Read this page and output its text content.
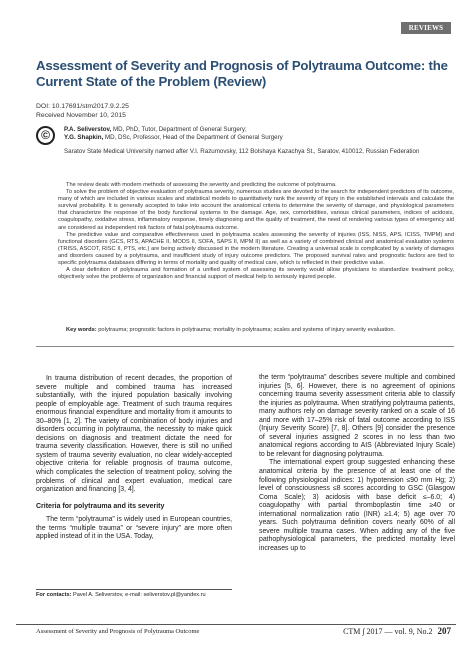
REVIEWS
Assessment of Severity and Prognosis of Polytrauma Outcome: the Current State of the Problem (Review)
DOI: 10.17691/stm2017.9.2.25
Received November 10, 2015
©	P.A. Seliverstov, MD, PhD, Tutor, Department of General Surgery;
Y.G. Shapkin, MD, DSc, Professor, Head of the Department of General Surgery
Saratov State Medical University named after V.I. Razumovsky, 112 Bolshaya Kazachya St., Saratov, 410012, Russian Federation

The review deals with modern methods of assessing the severity and predicting the outcome of polytrauma.

To solve the problem of objective evaluation of polytrauma severity, numerous studies are devoted to the search for independent predictors of its outcome, many of which are included in various scales and statistical models to quantitatively rank the severity of injury in the established intervals and calculate the survival probability. It is generally accepted to take into account the anatomical criteria to determine the severity of damage, and physiological parameters that characterize the response of the body functional systems to the damage. Age, sex, comorbidities, various clinical parameters, indices of acidosis, coagulopathy, oxidative stress, inflammatory response, timely diagnosing and the quality of treatment, the need of rendering various types of emergency aid are considered as independent risk factors of fatal polytrauma outcome.

The predictive value and comparative effectiveness used in polytrauma scales assessing the severity of injuries (ISS, NISS, APS, ICISS, TMPM) and functional disorders (GCS, RTS, APACHE II, MODS II, SOFA, SAPS II, MPM II) as well as a variety of combined clinical and anatomical evaluation systems (TRISS, ASCOT, RISC II, PTS, etc.) are being actively discussed in the modern literature. Creating a universal scale is complicated by a variety of damages and disorders caused by a polytrauma, and insufficient study of injury outcome predictors. The proposed survival rates and prognostic factors are tied to specific polytrauma databases differing in terms of mortality and quality of medical care, which is reflected in their predictive value.

A clear definition of polytrauma and formation of a unified system of assessing its severity would allow physicians to standardize treatment policy, objectively solve the problems of organization and financial support of medical help to seriously injured people.

Key words: polytrauma; prognostic factors in polytrauma; mortality in polytrauma; scales and systems of injury severity evaluation.

In trauma distribution of recent decades, the proportion of severe multiple and combined trauma has increased substantially, with the injured population basically involving people of employable age. Treatment of such trauma requires enormous financial expenditure and mortality from it amounts to 30–80% [1, 2]. The variety of combination of body injuries and disorders occurring in polytrauma, the necessity to make quick decisions on diagnosis and treatment dictate the need for trauma severity classification. However, there is still no unified system of trauma severity evaluation, no clear widely-accepted objective criteria for reliable prognosis of trauma outcome, which complicates the selection of treatment policy, solving the problems of clinical and expert evaluation, medical care organization and financing [3, 4].

Criteria for polytrauma and its severity

The term “polytrauma” is widely used in European countries, the terms “multiple trauma” or “severe injury” are more often applied instead of it in the USA. Today,

the term “polytrauma” describes severe multiple and combined injuries [5, 6]. However, there is no agreement of opinions concerning trauma severity assessment criteria able to classify the injuries as polytrauma. When stratifying polytrauma patients, many authors rely on damage severity ranked on a scale of 16 and more with 17–25% risk of fatal outcome according to ISS (Injury Severity Score) [7, 8]. Others [9] consider the presence of several injuries assigned 2 scores in no less than two anatomical regions according to AIS (Abbreviated Injury Scale) to be relevant for diagnosing polytrauma.

The international expert group suggested enhancing these anatomical criteria by the presence of at least one of the following physiological indices: 1) hypotension ≤90 mm Hg; 2) level of consciousness ≤8 scores according to GSC (Glasgow Coma Scale); 3) acidosis with base deficit ≤–6.0; 4) coagulopathy with partial thromboplastin time ≥40 or international normalization ratio (INR) ≥1.4; 5) age over 70 years. Such polytrauma definition covers nearly 60% of all severe multiple trauma cases. When adding any of the five pathophysiological parameters, the predicted mortality level increases up to

For contacts: Pavel A. Seliverstov, e-mail: seliverstov.pl@yandex.ru
Assessment of Severity and Prognosis of Polytrauma Outcome	СТМ ∫ 2017 — vol. 9, No.2 207
